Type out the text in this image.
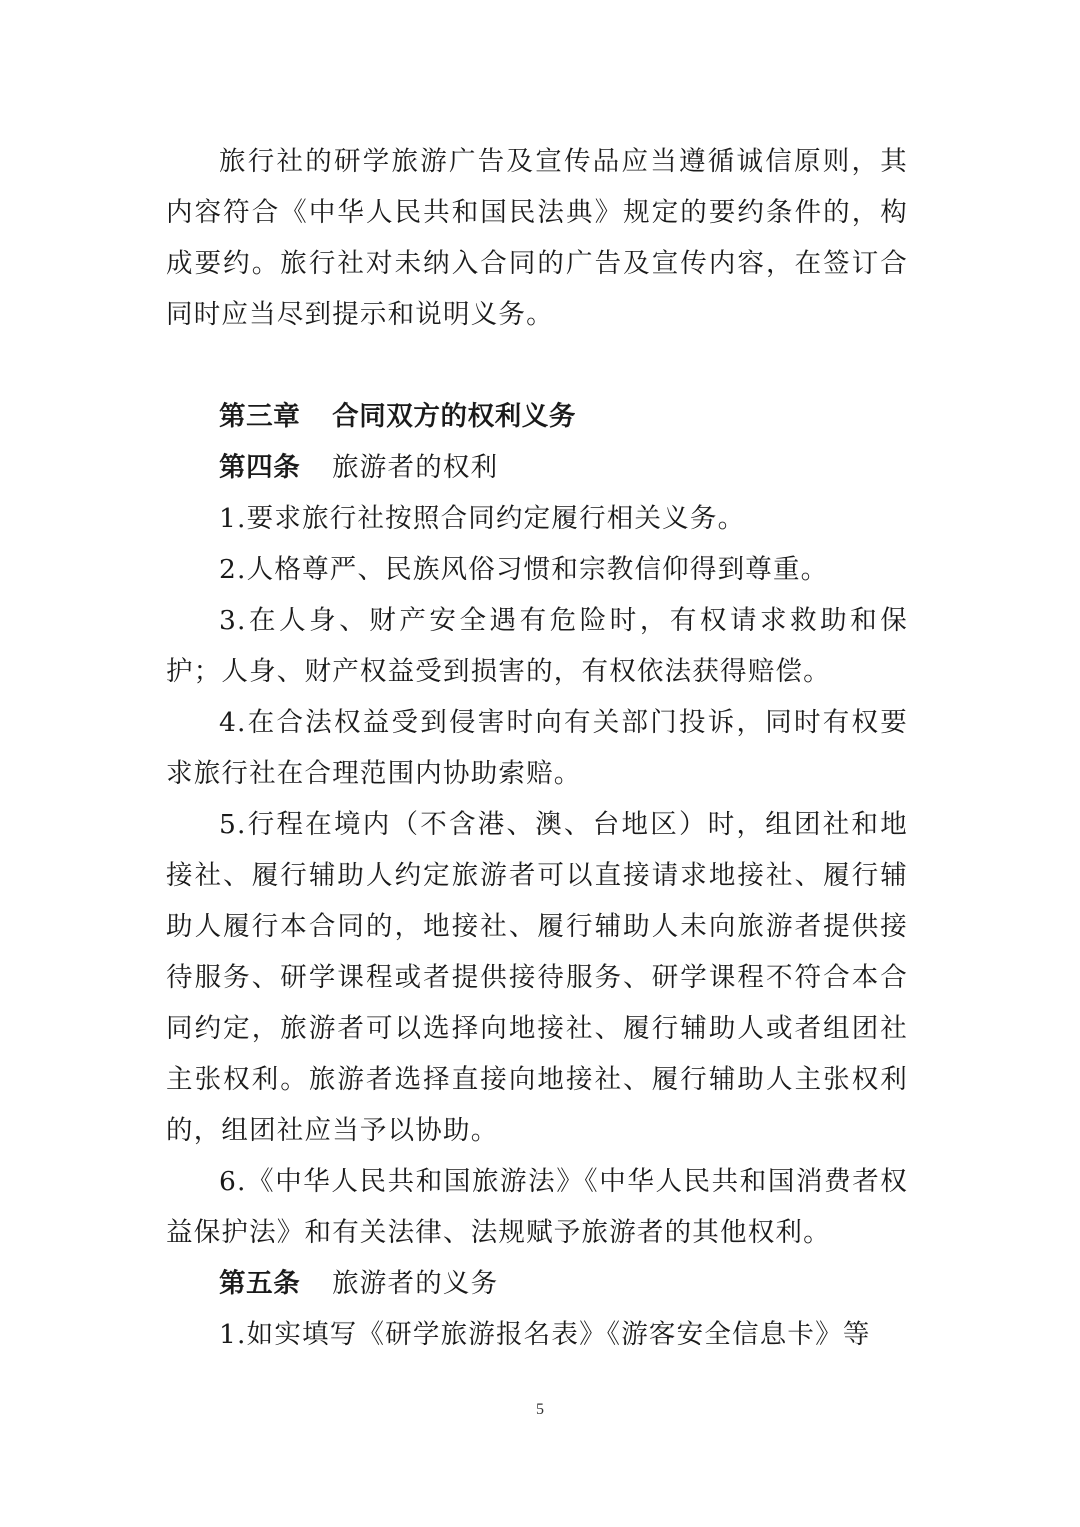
旅行社的研学旅游广告及宣传品应当遵循诚信原则，其内容符合《中华人民共和国民法典》规定的要约条件的，构成要约。旅行社对未纳入合同的广告及宣传内容，在签订合同时应当尽到提示和说明义务。

第三章 合同双方的权利义务

第四条 旅游者的权利

1.要求旅行社按照合同约定履行相关义务。

2.人格尊严、民族风俗习惯和宗教信仰得到尊重。

3.在人身、财产安全遇有危险时，有权请求救助和保护；人身、财产权益受到损害的，有权依法获得赔偿。

4.在合法权益受到侵害时向有关部门投诉，同时有权要求旅行社在合理范围内协助索赔。

5.行程在境内（不含港、澳、台地区）时，组团社和地接社、履行辅助人约定旅游者可以直接请求地接社、履行辅助人履行本合同的，地接社、履行辅助人未向旅游者提供接待服务、研学课程或者提供接待服务、研学课程不符合本合同约定，旅游者可以选择向地接社、履行辅助人或者组团社主张权利。旅游者选择直接向地接社、履行辅助人主张权利的，组团社应当予以协助。

6.《中华人民共和国旅游法》《中华人民共和国消费者权益保护法》和有关法律、法规赋予旅游者的其他权利。

第五条 旅游者的义务

1.如实填写《研学旅游报名表》《游客安全信息卡》等

5
